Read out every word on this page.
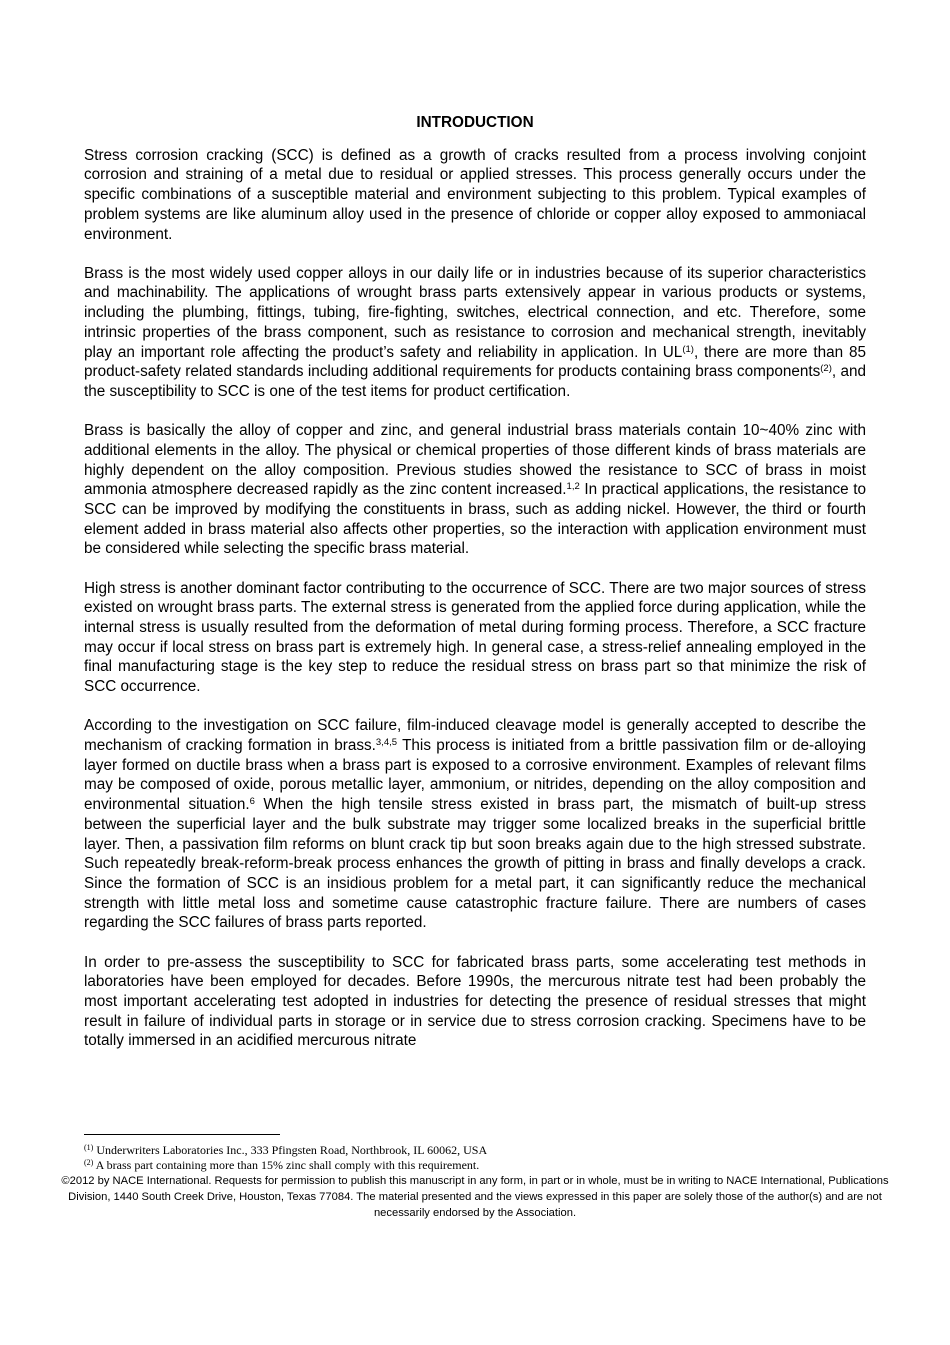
INTRODUCTION

Stress corrosion cracking (SCC) is defined as a growth of cracks resulted from a process involving conjoint corrosion and straining of a metal due to residual or applied stresses. This process generally occurs under the specific combinations of a susceptible material and environment subjecting to this problem. Typical examples of problem systems are like aluminum alloy used in the presence of chloride or copper alloy exposed to ammoniacal environment.

Brass is the most widely used copper alloys in our daily life or in industries because of its superior characteristics and machinability. The applications of wrought brass parts extensively appear in various products or systems, including the plumbing, fittings, tubing, fire-fighting, switches, electrical connection, and etc. Therefore, some intrinsic properties of the brass component, such as resistance to corrosion and mechanical strength, inevitably play an important role affecting the product’s safety and reliability in application. In UL$^{(1)}$, there are more than 85 product-safety related standards including additional requirements for products containing brass components$^{(2)}$, and the susceptibility to SCC is one of the test items for product certification.

Brass is basically the alloy of copper and zinc, and general industrial brass materials contain 10~40% zinc with additional elements in the alloy. The physical or chemical properties of those different kinds of brass materials are highly dependent on the alloy composition. Previous studies showed the resistance to SCC of brass in moist ammonia atmosphere decreased rapidly as the zinc content increased.$^{1,2}$ In practical applications, the resistance to SCC can be improved by modifying the constituents in brass, such as adding nickel. However, the third or fourth element added in brass material also affects other properties, so the interaction with application environment must be considered while selecting the specific brass material.

High stress is another dominant factor contributing to the occurrence of SCC. There are two major sources of stress existed on wrought brass parts. The external stress is generated from the applied force during application, while the internal stress is usually resulted from the deformation of metal during forming process. Therefore, a SCC fracture may occur if local stress on brass part is extremely high. In general case, a stress-relief annealing employed in the final manufacturing stage is the key step to reduce the residual stress on brass part so that minimize the risk of SCC occurrence.

According to the investigation on SCC failure, film-induced cleavage model is generally accepted to describe the mechanism of cracking formation in brass.$^{3,4,5}$ This process is initiated from a brittle passivation film or de-alloying layer formed on ductile brass when a brass part is exposed to a corrosive environment. Examples of relevant films may be composed of oxide, porous metallic layer, ammonium, or nitrides, depending on the alloy composition and environmental situation.$^6$ When the high tensile stress existed in brass part, the mismatch of built-up stress between the superficial layer and the bulk substrate may trigger some localized breaks in the superficial brittle layer. Then, a passivation film reforms on blunt crack tip but soon breaks again due to the high stressed substrate. Such repeatedly break-reform-break process enhances the growth of pitting in brass and finally develops a crack. Since the formation of SCC is an insidious problem for a metal part, it can significantly reduce the mechanical strength with little metal loss and sometime cause catastrophic fracture failure. There are numbers of cases regarding the SCC failures of brass parts reported.

In order to pre-assess the susceptibility to SCC for fabricated brass parts, some accelerating test methods in laboratories have been employed for decades. Before 1990s, the mercurous nitrate test had been probably the most important accelerating test adopted in industries for detecting the presence of residual stresses that might result in failure of individual parts in storage or in service due to stress corrosion cracking. Specimens have to be totally immersed in an acidified mercurous nitrate

$^{(1)}$ Underwriters Laboratories Inc., 333 Pfingsten Road, Northbrook, IL 60062, USA

$^{(2)}$ A brass part containing more than 15% zinc shall comply with this requirement.

©2012 by NACE International. Requests for permission to publish this manuscript in any form, in part or in whole, must be in writing to NACE International, Publications Division, 1440 South Creek Drive, Houston, Texas 77084. The material presented and the views expressed in this paper are solely those of the author(s) and are not necessarily endorsed by the Association.
